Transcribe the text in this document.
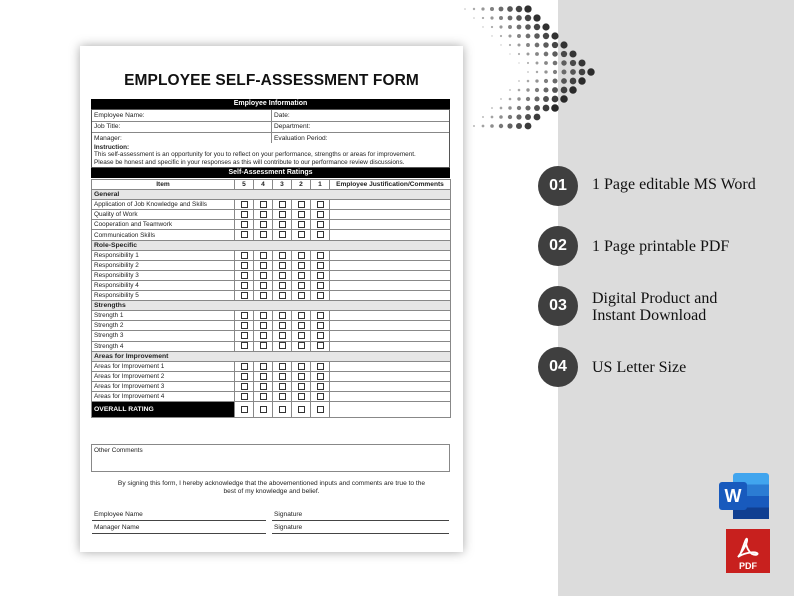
EMPLOYEE SELF-ASSESSMENT FORM
Employee Information
Employee Name:	Date:
Job Title:	Department:
Manager:	Evaluation Period:
Instruction:
This self-assessment is an opportunity for you to reflect on your performance, strengths or areas for improvement.
Please be honest and specific in your responses as this will contribute to our performance review discussions.
Self-Assessment Ratings
Item	5	4	3	2	1	Employee Justification/Comments
General						
Application of Job Knowledge and Skills						
Quality of Work						
Cooperation and Teamwork						
Communication Skills						
Role-Specific						
Responsibility 1						
Responsibility 2						
Responsibility 3						
Responsibility 4						
Responsibility 5						
Strengths						
Strength 1						
Strength 2						
Strength 3						
Strength 4						
Areas for Improvement						
Areas for Improvement 1						
Areas for Improvement 2						
Areas for Improvement 3						
Areas for Improvement 4						
OVERALL RATING						
Other Comments
By signing this form, I hereby acknowledge that the abovementioned inputs and comments are true to the
best of my knowledge and belief.
Employee Name	Signature
Manager Name	Signature
01	1 Page editable MS Word
02	1 Page printable PDF
03	Digital Product and
Instant Download
04	US Letter Size
W
PDF
